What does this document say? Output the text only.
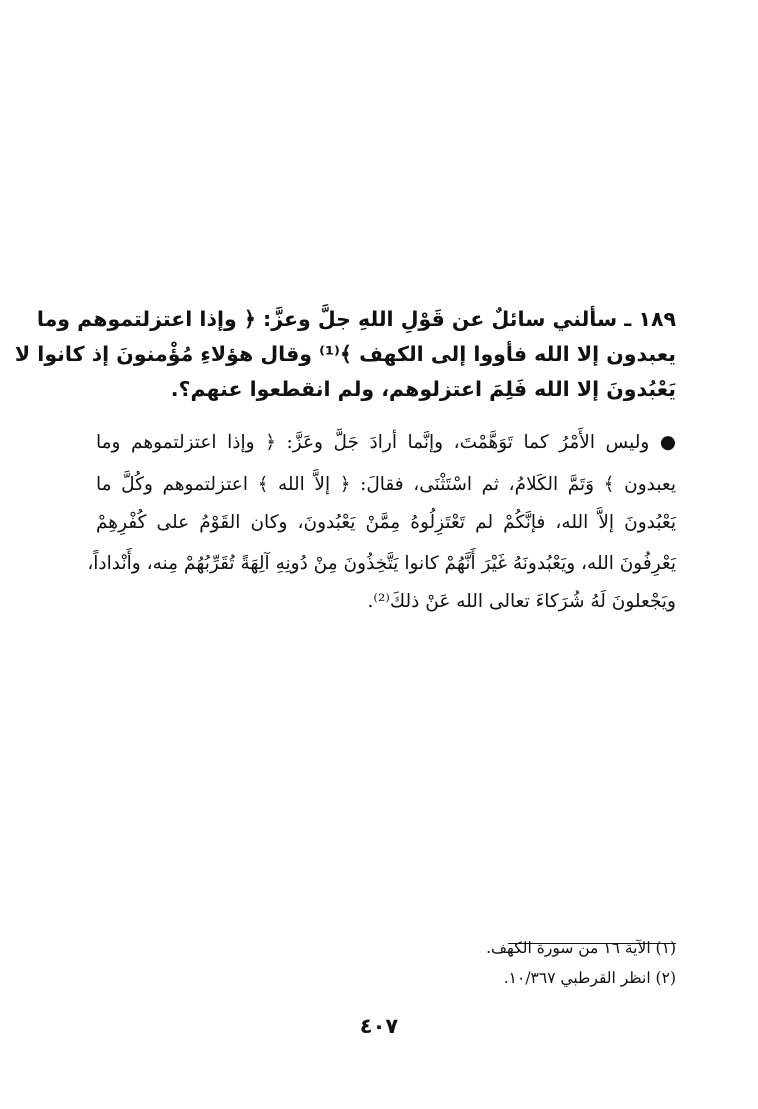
١٨٩ ـ سألني سائلٌ عن قَوْلِ اللهِ جلَّ وعزَّ: ﴿ وإذا اعتزلتموهم وما
يعبدون إلا الله فأووا إلى الكهف ﴾⁽¹⁾ وقال هؤلاءِ مُؤْمنونَ إذ كانوا لا
يَعْبُدونَ إلا الله فَلِمَ اعتزلوهم، ولم انقطعوا عنهم؟.
● وليس الأَمْرُ كما تَوَهَّمْتَ، وإنَّما أرادَ جَلَّ وعَزَّ: ﴿ وإذا اعتزلتموهم وما
يعبدون ﴾ وَتَمَّ الكَلامُ، ثم اسْتَثْنَى، فقالَ: ﴿ إلاَّ الله ﴾ اعتزلتموهم وكُلَّ ما
يَعْبُدونَ إلاَّ الله، فإنَّكُمْ لم تَعْتَزِلُوهُ مِمَّنْ يَعْبُدونَ، وكان القَوْمُ على كُفْرِهِمْ
يَعْرِفُونَ الله، ويَعْبُدونَهُ غَيْرَ أَنَّهُمْ كانوا يَتَّخِذُونَ مِنْ دُونِهِ آلِهَةً تُقَرِّبُهُمْ مِنه، وأَنْداداً،
ويَجْعلونَ لَهُ شُرَكاءَ تعالى الله عَنْ ذلكَ⁽²⁾.
(١) الآية ١٦ من سورة الكهف.
(٢) انظر القرطبي ١٠/٣٦٧.
٤٠٧
